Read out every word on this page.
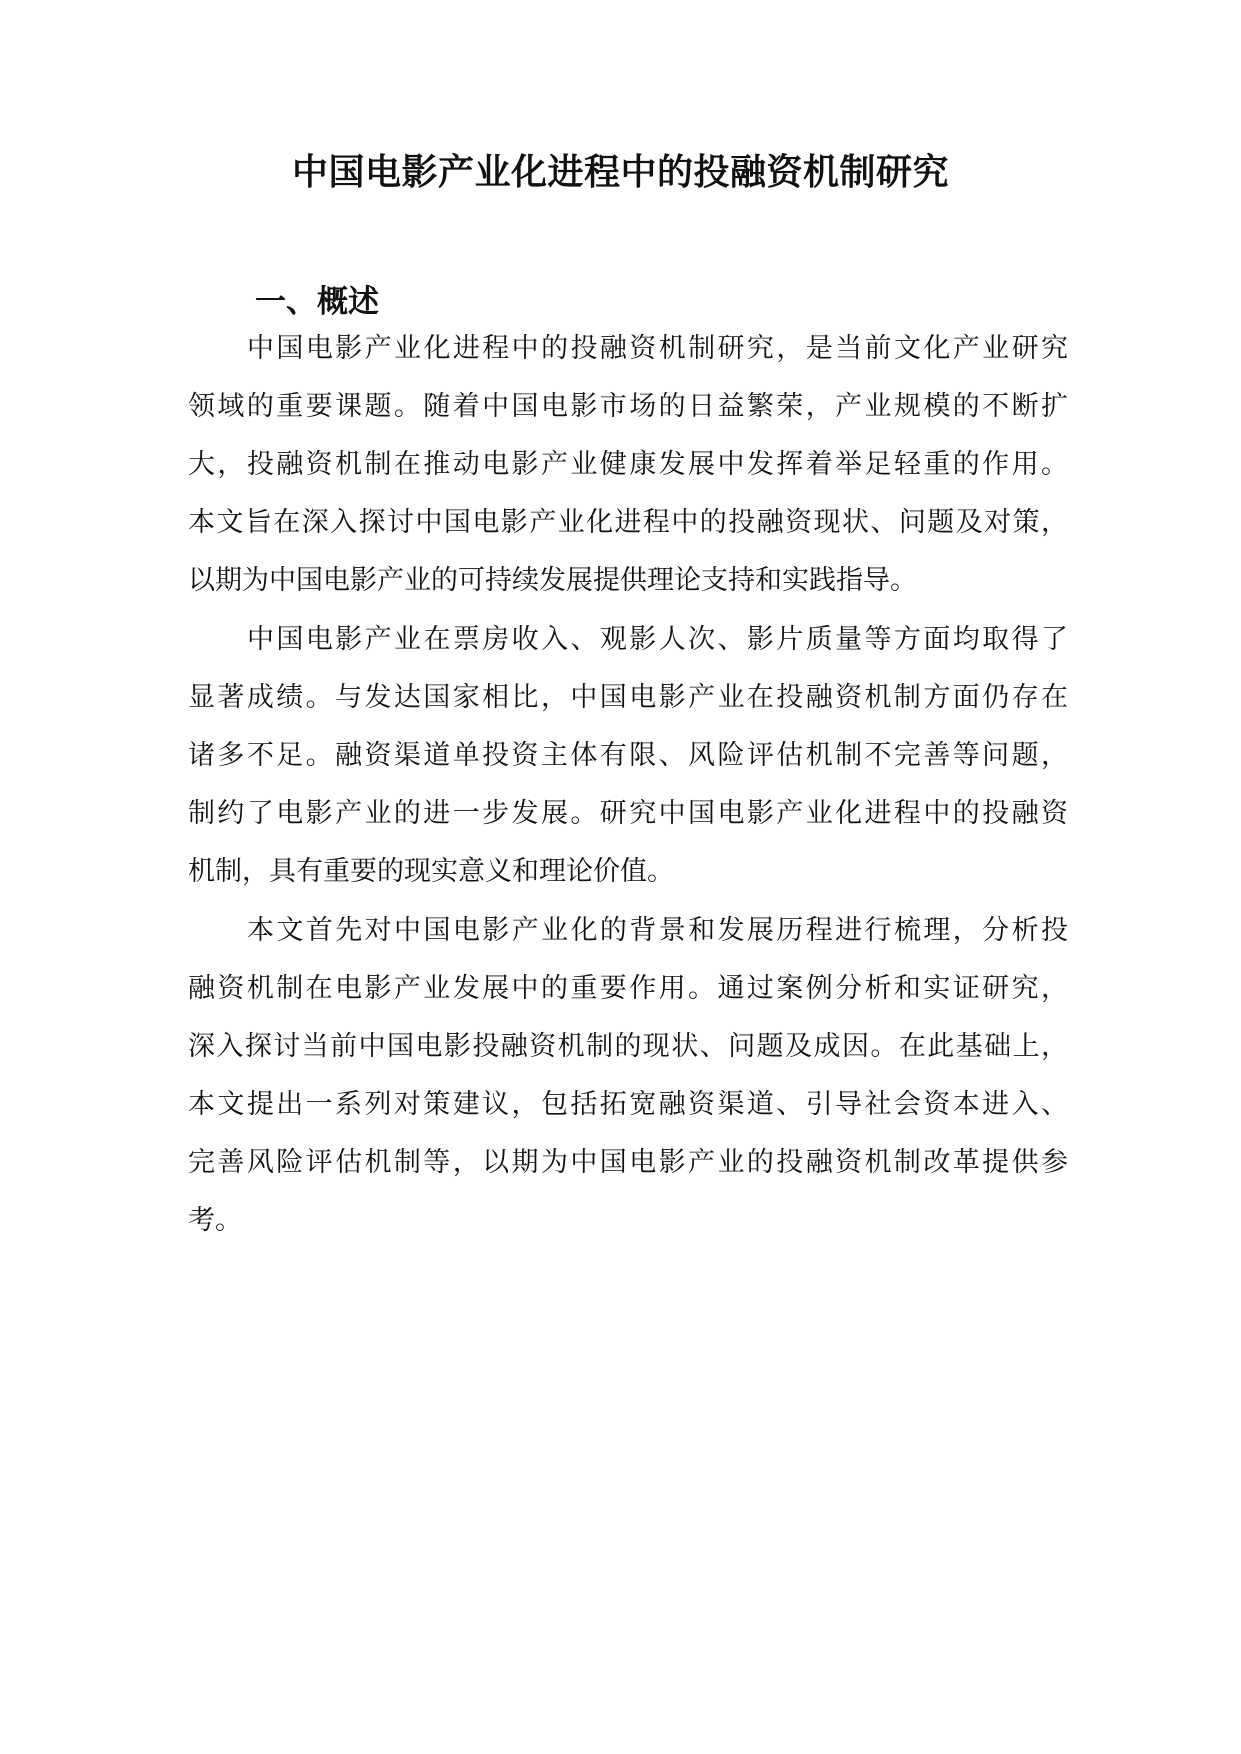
中国电影产业化进程中的投融资机制研究
一、概述
中国电影产业化进程中的投融资机制研究，是当前文化产业研究
领域的重要课题。随着中国电影市场的日益繁荣，产业规模的不断扩
大，投融资机制在推动电影产业健康发展中发挥着举足轻重的作用。
本文旨在深入探讨中国电影产业化进程中的投融资现状、问题及对策，
以期为中国电影产业的可持续发展提供理论支持和实践指导。
中国电影产业在票房收入、观影人次、影片质量等方面均取得了
显著成绩。与发达国家相比，中国电影产业在投融资机制方面仍存在
诸多不足。融资渠道单投资主体有限、风险评估机制不完善等问题，
制约了电影产业的进一步发展。研究中国电影产业化进程中的投融资
机制，具有重要的现实意义和理论价值。
本文首先对中国电影产业化的背景和发展历程进行梳理，分析投
融资机制在电影产业发展中的重要作用。通过案例分析和实证研究，
深入探讨当前中国电影投融资机制的现状、问题及成因。在此基础上，
本文提出一系列对策建议，包括拓宽融资渠道、引导社会资本进入、
完善风险评估机制等，以期为中国电影产业的投融资机制改革提供参
考。
